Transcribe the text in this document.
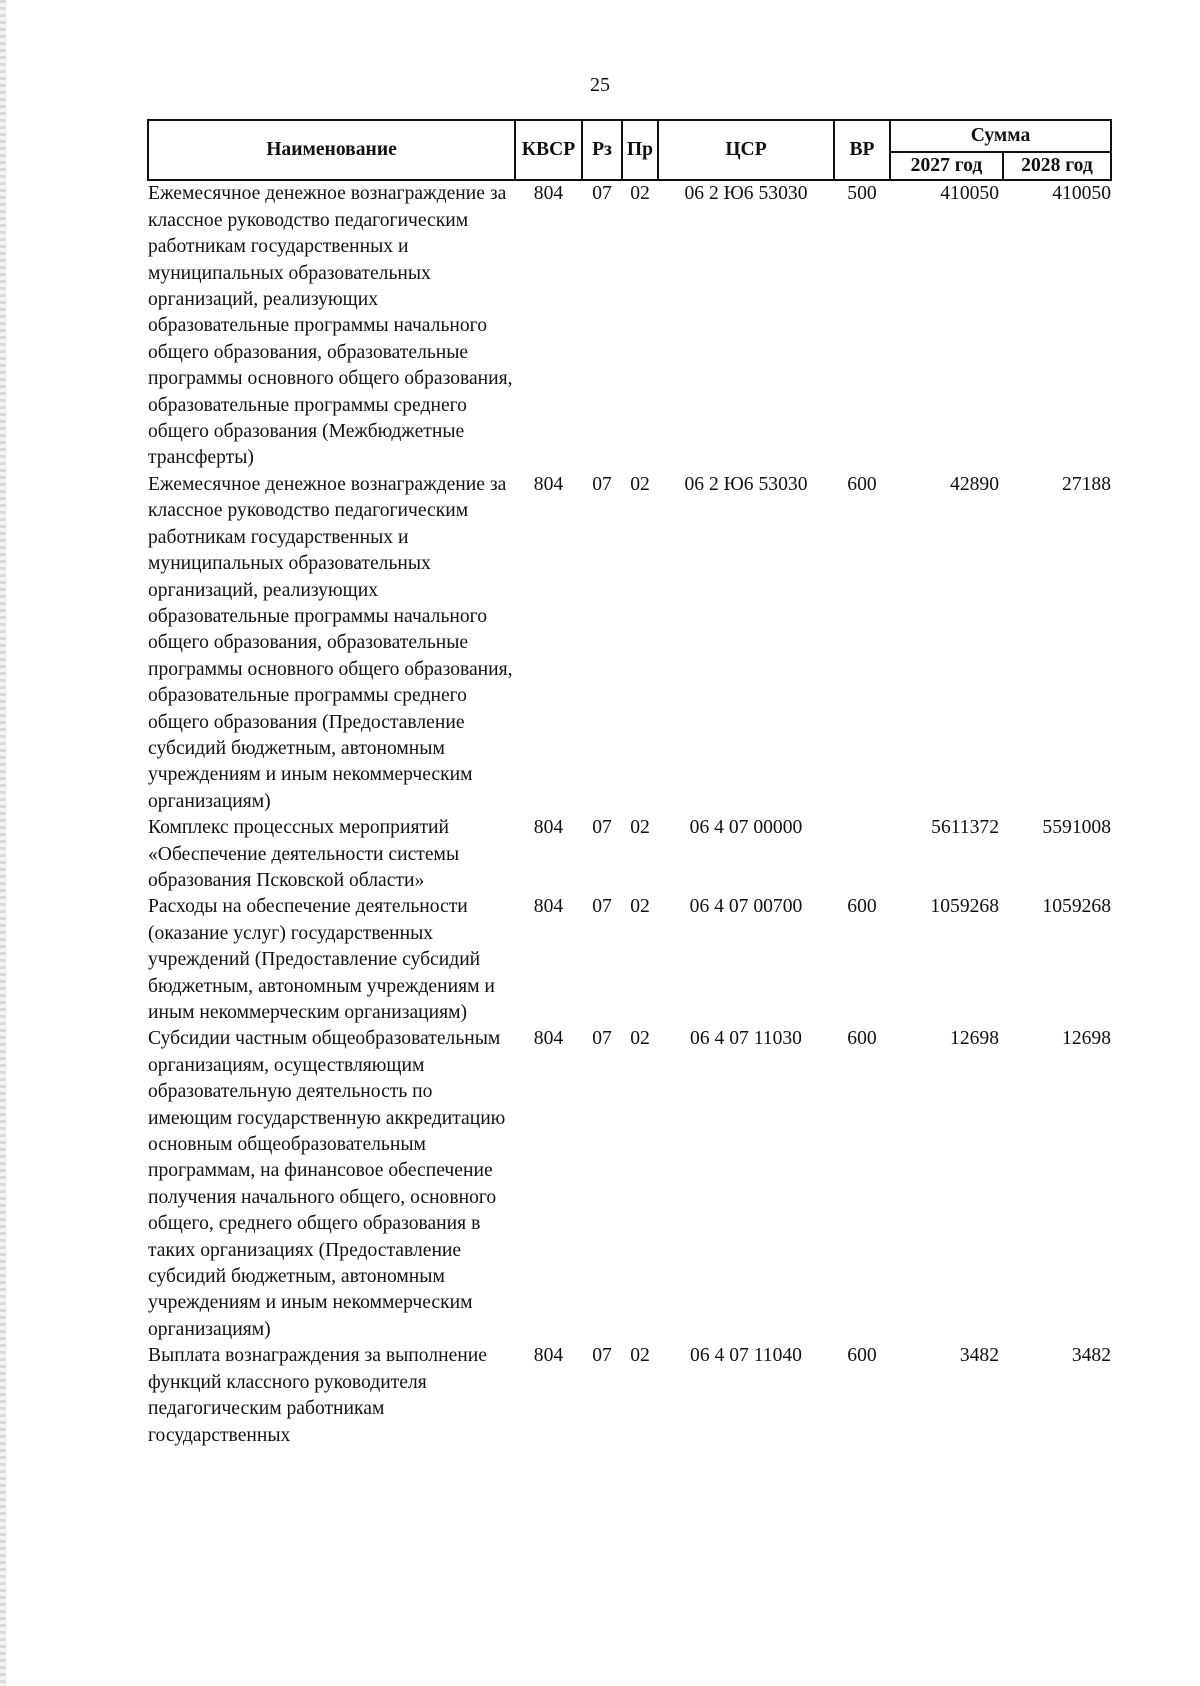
25
Наименование	КВСР	Рз	Пр	ЦСР	ВР	Сумма	
						2027 год	2028 год
Ежемесячное денежное вознаграждение за классное руководство педагогическим работникам государственных и муниципальных образовательных организаций, реализующих образовательные программы начального общего образования, образовательные программы основного общего образования, образовательные программы среднего общего образования (Межбюджетные трансферты)	804	07	02	06 2 Ю6 53030	500	410050	410050
Ежемесячное денежное вознаграждение за классное руководство педагогическим работникам государственных и муниципальных образовательных организаций, реализующих образовательные программы начального общего образования, образовательные программы основного общего образования, образовательные программы среднего общего образования (Предоставление субсидий бюджетным, автономным учреждениям и иным некоммерческим организациям)	804	07	02	06 2 Ю6 53030	600	42890	27188
Комплекс процессных мероприятий «Обеспечение деятельности системы образования Псковской области»	804	07	02	06 4 07 00000		5611372	5591008
Расходы на обеспечение деятельности (оказание услуг) государственных учреждений (Предоставление субсидий бюджетным, автономным учреждениям и иным некоммерческим организациям)	804	07	02	06 4 07 00700	600	1059268	1059268
Субсидии частным общеобразовательным организациям, осуществляющим образовательную деятельность по имеющим государственную аккредитацию основным общеобразовательным программам, на финансовое обеспечение получения начального общего, основного общего, среднего общего образования в таких организациях (Предоставление субсидий бюджетным, автономным учреждениям и иным некоммерческим организациям)	804	07	02	06 4 07 11030	600	12698	12698
Выплата вознаграждения за выполнение функций классного руководителя педагогическим работникам государственных	804	07	02	06 4 07 11040	600	3482	3482
